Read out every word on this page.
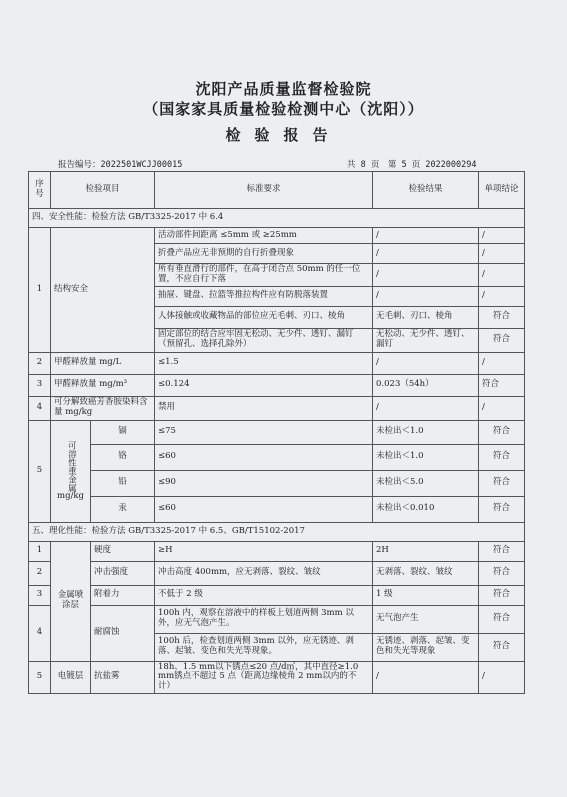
沈阳产品质量监督检验院
（国家家具质量检验检测中心（沈阳））
检验报告
报告编号：2022501WCJJ00015	共 8 页　第 5 页 2022000294
序号	检验项目		标准要求	检验结果	单项结论
四、安全性能：检验方法 GB/T3325-2017 中 6.4					
1	结构安全		活动部件间距离 ≤5mm 或 ≥25mm	/	/
			折叠产品应无非预期的自行折叠现象	/	/
			所有垂直滑行的部件，在高于闭合点 50mm 的任一位置，不应自行下落	/	/
			抽屉、键盘、拉篮等推拉构件应有防脱落装置	/	/
			人体接触或收藏物品的部位应无毛刺、刃口、棱角	无毛刺、刃口、棱角	符合
			固定部位的结合应牢固无松动、无少件、透钉、漏钉（预留孔、选择孔除外）	无松动、无少件、透钉、漏钉	符合
2	甲醛释放量 mg/L		≤1.5	/	/
3	甲醛释放量 mg/m³		≤0.124	0.023（54h）	符合
4	可分解致癌芳香胺染料含量 mg/kg		禁用	/	/
5	可溶性重金属
mg/kg	镉	≤75	未检出＜1.0	符合
		铬	≤60	未检出＜1.0	符合
		铅	≤90	未检出＜5.0	符合
		汞	≤60	未检出＜0.010	符合
五、理化性能：检验方法 GB/T3325-2017 中 6.5、GB/T15102-2017					
1	金属喷涂层	硬度	≥H	2H	符合
2		冲击强度	冲击高度 400mm，应无剥落、裂纹、皱纹	无剥落、裂纹、皱纹	符合
3		附着力	不低于 2 级	1 级	符合
4		耐腐蚀	100h 内，观察在溶液中的样板上划道两侧 3mm 以外，应无气泡产生。	无气泡产生	符合
			100h 后，检查划道两侧 3mm 以外，应无锈迹、剥落、起皱、变色和失光等现象。	无锈迹、剥落、起皱、变色和失光等现象	符合
5	电镀层	抗盐雾	18h、1.5 mm以下锈点≤20 点/d㎡，其中直径≥1.0 mm锈点不超过 5 点（距离边缘棱角 2 mm以内的不计）	/	/
